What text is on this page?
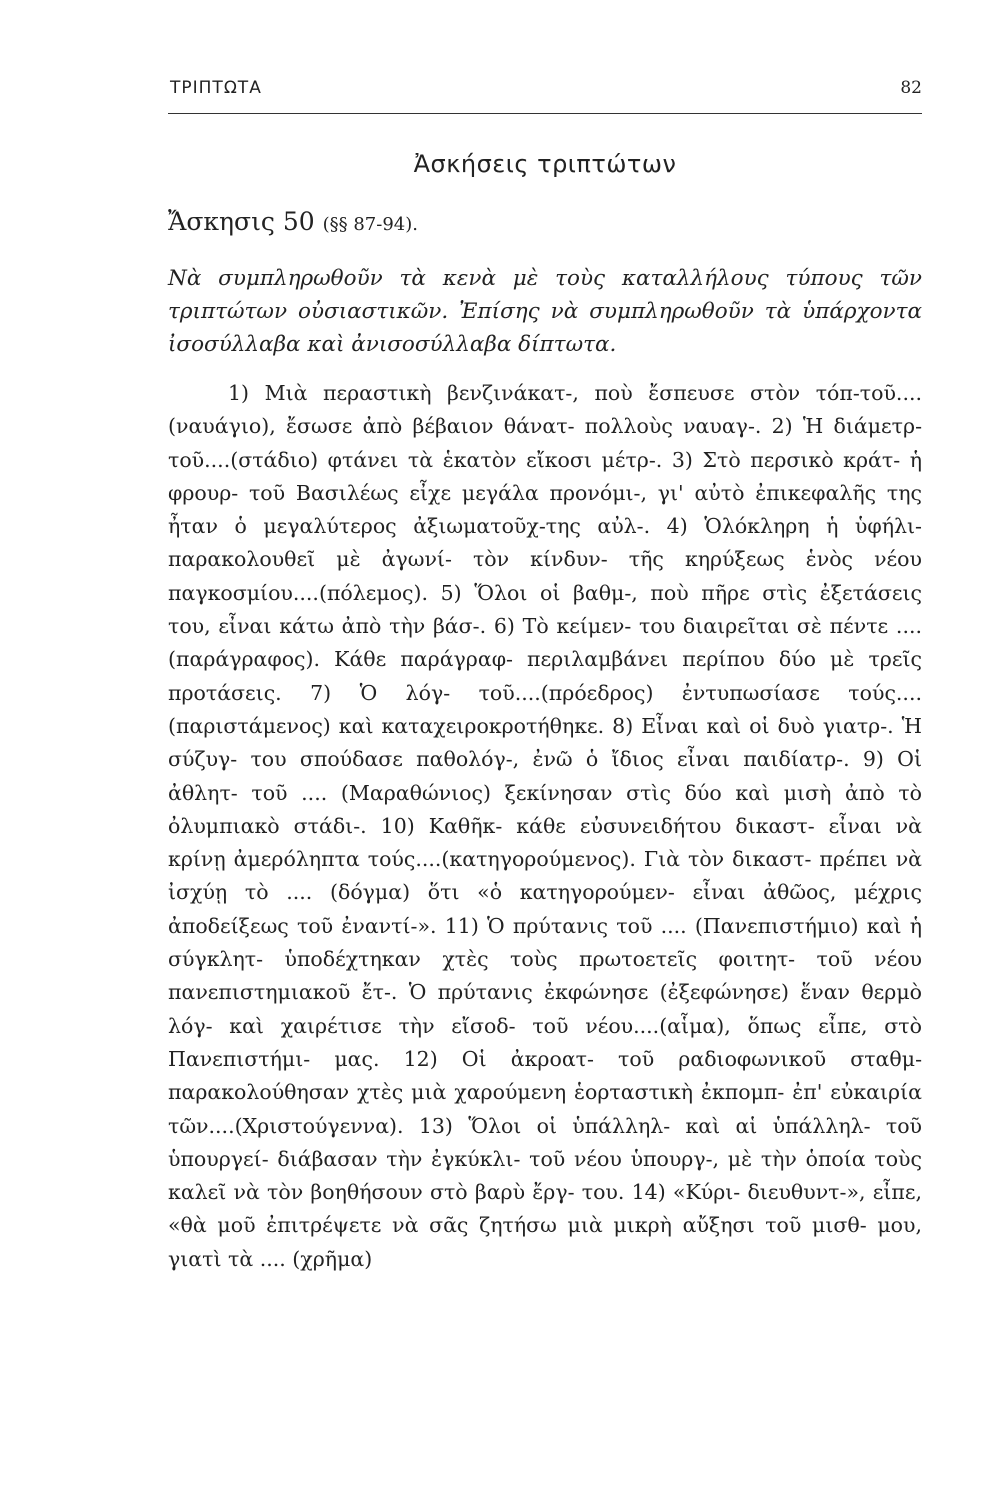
ΤΡΙΠΤΩΤΑ	82
Ἀσκήσεις τριπτώτων
Ἄσκησις 50 (§§ 87-94).
Νὰ συμπληρωθοῦν τὰ κενὰ μὲ τοὺς καταλλήλους τύπους τῶν τριπτώτων οὐσιαστικῶν. Ἐπίσης νὰ συμπληρωθοῦν τὰ ὑπάρχοντα ἰσοσύλλαβα καὶ ἀνισοσύλλαβα δίπτωτα.

1) Μιὰ περαστικὴ βενζινάκατ-, ποὺ ἔσπευσε στὸν τόπ-τοῦ....(ναυάγιο), ἔσωσε ἀπὸ βέβαιον θάνατ- πολλοὺς ναυαγ-. 2) Ἡ διάμετρ- τοῦ....(στάδιο) φτάνει τὰ ἑκατὸν εἴκοσι μέτρ-. 3) Στὸ περσικὸ κράτ- ἡ φρουρ- τοῦ Βασιλέως εἶχε μεγάλα προνόμι-, γι' αὐτὸ ἐπικεφαλῆς της ἦταν ὁ μεγαλύτερος ἀξιωματοῦχ-της αὐλ-. 4) Ὁλόκληρη ἡ ὑφήλι- παρακολουθεῖ μὲ ἀγωνί- τὸν κίνδυν- τῆς κηρύξεως ἑνὸς νέου παγκοσμίου....(πόλεμος). 5) Ὅλοι οἱ βαθμ-, ποὺ πῆρε στὶς ἐξετάσεις του, εἶναι κάτω ἀπὸ τὴν βάσ-. 6) Τὸ κείμεν- του διαιρεῖται σὲ πέντε .... (παράγραφος). Κάθε παράγραφ- περιλαμβάνει περίπου δύο μὲ τρεῖς προτάσεις. 7) Ὁ λόγ- τοῦ....(πρόεδρος) ἐντυπωσίασε τούς.... (παριστάμενος) καὶ καταχειροκροτήθηκε. 8) Εἶναι καὶ οἱ δυὸ γιατρ-. Ἡ σύζυγ- του σπούδασε παθολόγ-, ἐνῶ ὁ ἴδιος εἶναι παιδίατρ-. 9) Οἱ ἀθλητ- τοῦ .... (Μαραθώνιος) ξεκίνησαν στὶς δύο καὶ μισὴ ἀπὸ τὸ ὀλυμπιακὸ στάδι-. 10) Καθῆκ- κάθε εὐσυνειδήτου δικαστ- εἶναι νὰ κρίνῃ ἀμερόληπτα τούς....(κατηγορούμενος). Γιὰ τὸν δικαστ- πρέπει νὰ ἰσχύῃ τὸ .... (δόγμα) ὅτι «ὁ κατηγορούμεν- εἶναι ἀθῶος, μέχρις ἀποδείξεως τοῦ ἐναντί-». 11) Ὁ πρύτανις τοῦ .... (Πανεπιστήμιο) καὶ ἡ σύγκλητ- ὑποδέχτηκαν χτὲς τοὺς πρωτοετεῖς φοιτητ- τοῦ νέου πανεπιστημιακοῦ ἔτ-. Ὁ πρύτανις ἐκφώνησε (ἐξεφώνησε) ἕναν θερμὸ λόγ- καὶ χαιρέτισε τὴν εἴσοδ- τοῦ νέου....(αἷμα), ὅπως εἶπε, στὸ Πανεπιστήμι- μας. 12) Οἱ ἀκροατ- τοῦ ραδιοφωνικοῦ σταθμ- παρακολούθησαν χτὲς μιὰ χαρούμενη ἑορταστικὴ ἐκπομπ- ἐπ' εὐκαιρία τῶν....(Χριστούγεννα). 13) Ὅλοι οἱ ὑπάλληλ- καὶ αἱ ὑπάλληλ- τοῦ ὑπουργεί- διάβασαν τὴν ἐγκύκλι- τοῦ νέου ὑπουργ-, μὲ τὴν ὁποία τοὺς καλεῖ νὰ τὸν βοηθήσουν στὸ βαρὺ ἔργ- του. 14) «Κύρι- διευθυντ-», εἶπε, «θὰ μοῦ ἐπιτρέψετε νὰ σᾶς ζητήσω μιὰ μικρὴ αὔξησι τοῦ μισθ- μου, γιατὶ τὰ .... (χρῆμα)
